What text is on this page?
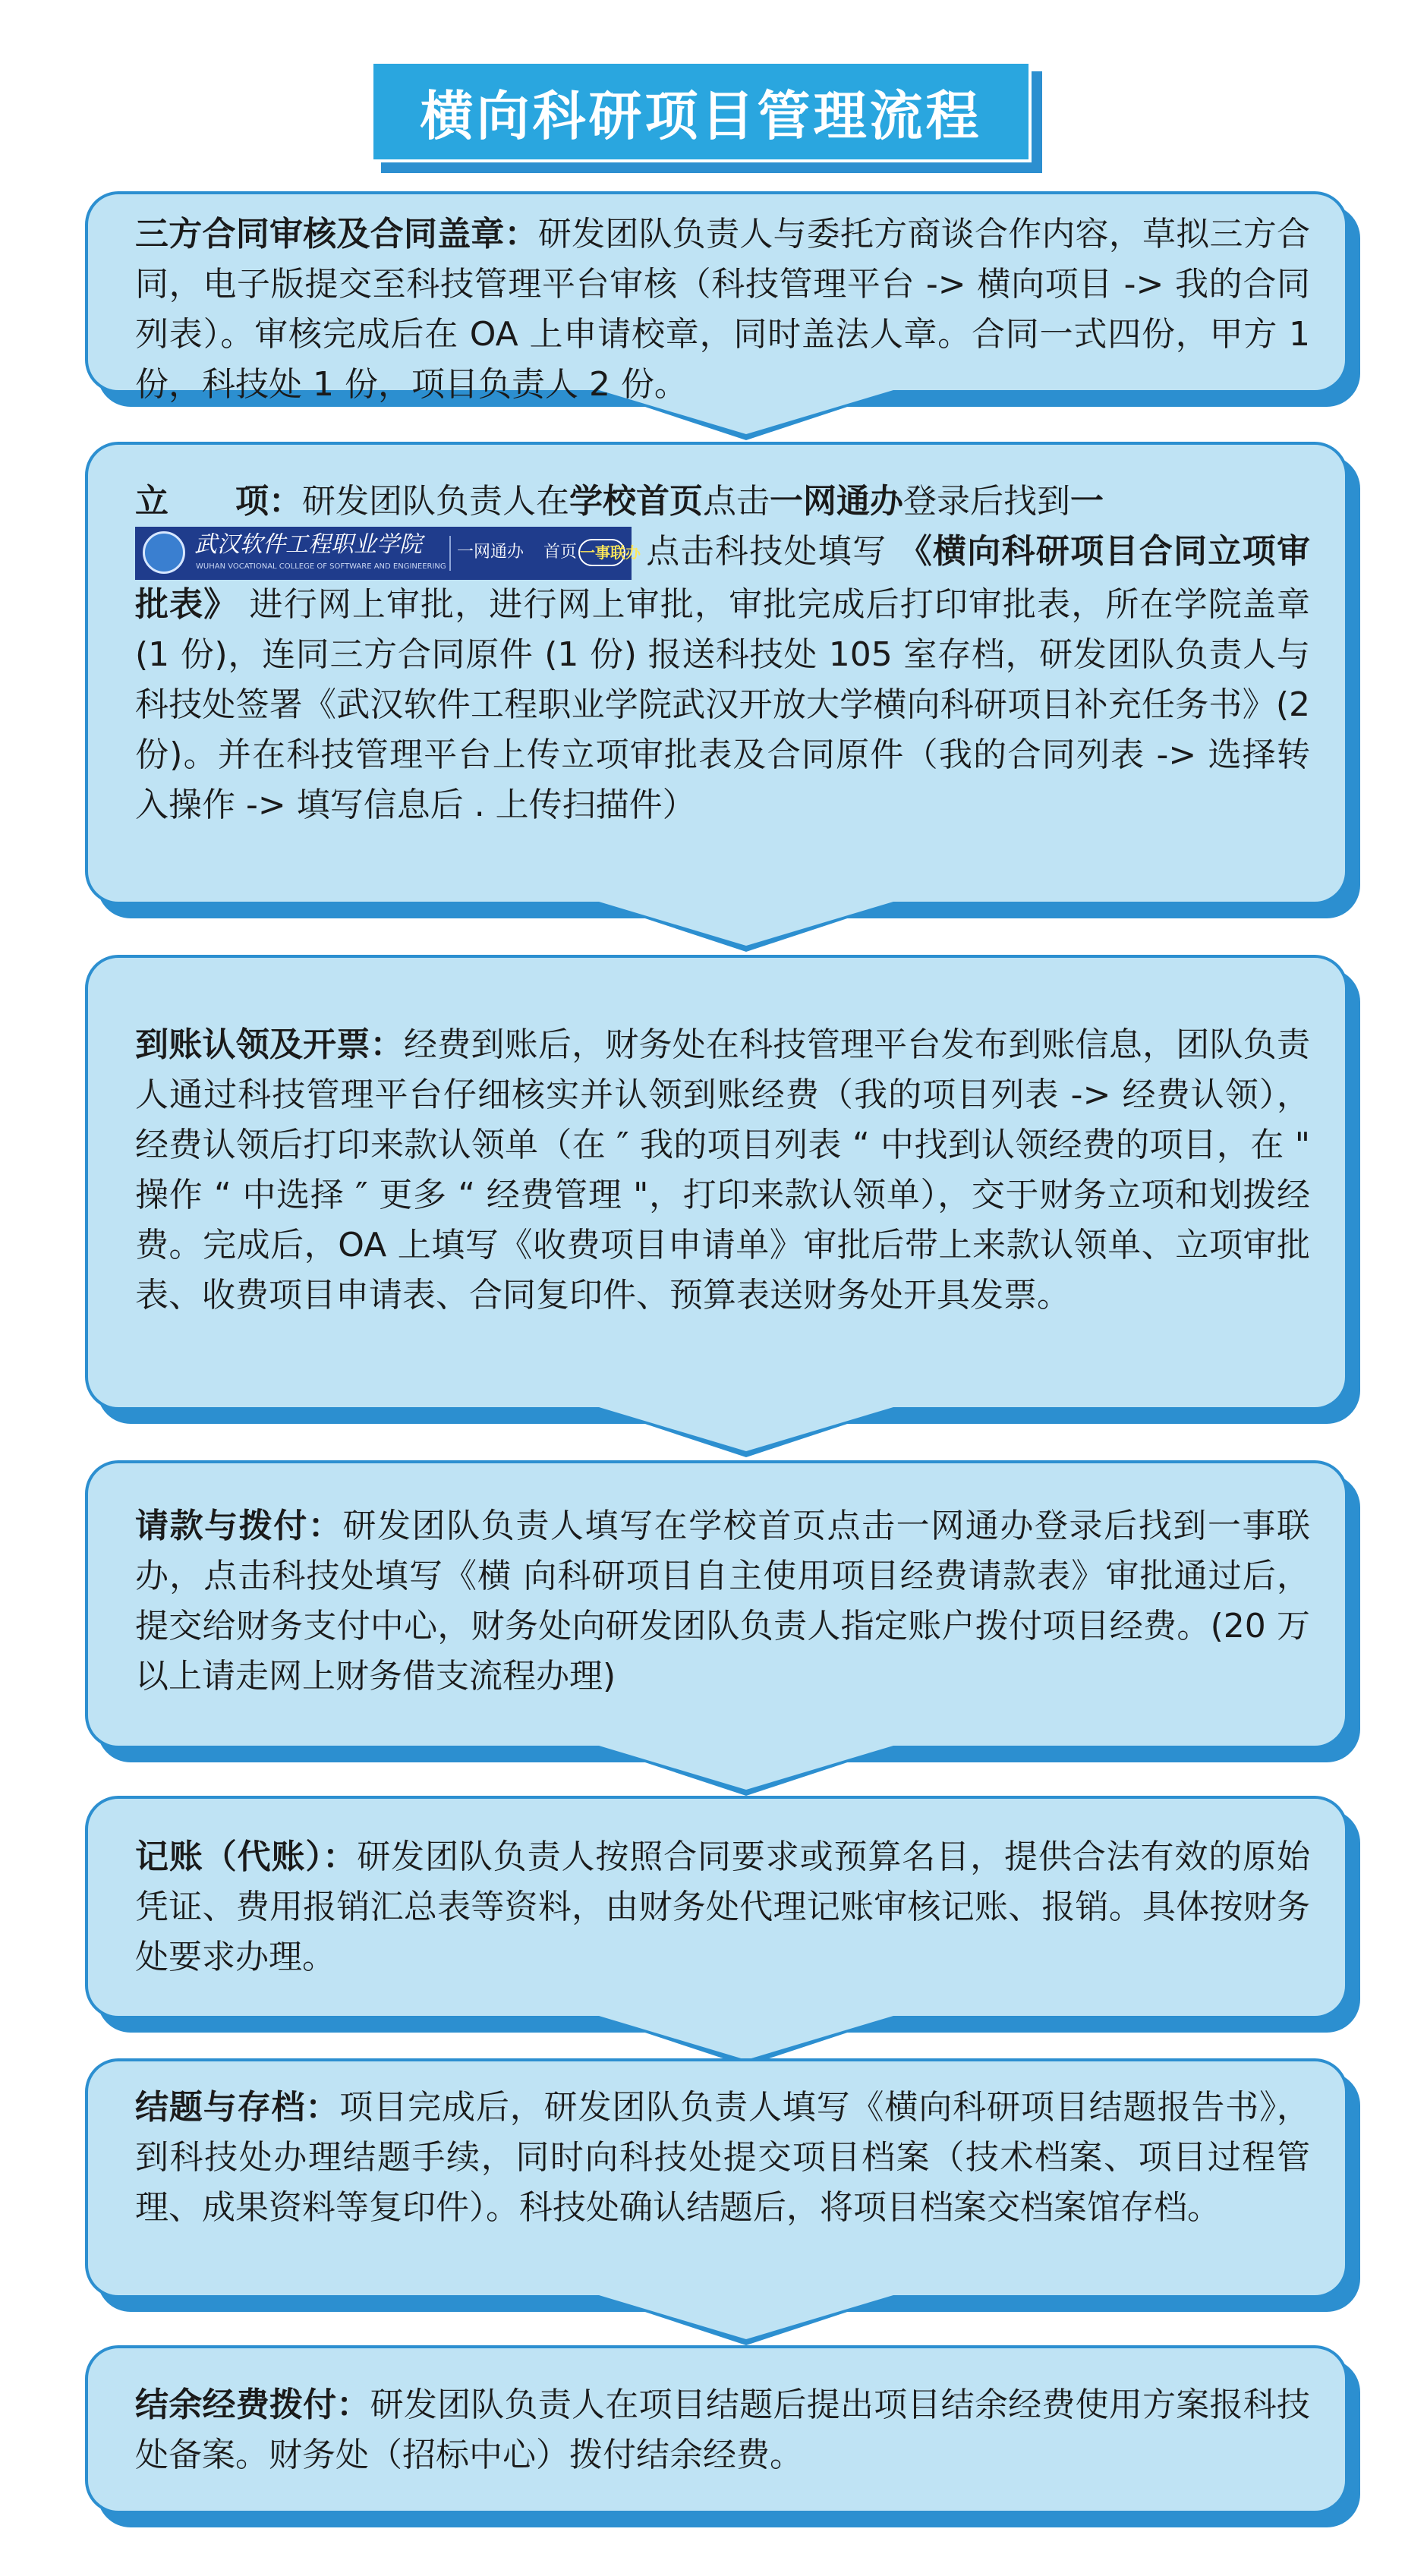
横向科研项目管理流程
三方合同审核及合同盖章：研发团队负责人与委托方商谈合作内容，草拟三方合同，电子版提交至科技管理平台审核（科技管理平台 -> 横向项目 -> 我的合同列表）。审核完成后在 OA 上申请校章，同时盖法人章。合同一式四份，甲方 1 份，科技处 1 份，项目负责人 2 份。
立　　项：研发团队负责人在学校首页点击一网通办登录后找到一

武汉软件工程职业学院
WUHAN VOCATIONAL COLLEGE OF SOFTWARE AND ENGINEERING
一网通办 首页 一事联办 点击科技处填写 《横向科研项目合同立项审批表》 进行网上审批，进行网上审批，审批完成后打印审批表，所在学院盖章 (1 份)，连同三方合同原件 (1 份) 报送科技处 105 室存档，研发团队负责人与科技处签署《武汉软件工程职业学院武汉开放大学横向科研项目补充任务书》(2 份)。并在科技管理平台上传立项审批表及合同原件（我的合同列表 -> 选择转入操作 -> 填写信息后 . 上传扫描件）
到账认领及开票：经费到账后，财务处在科技管理平台发布到账信息，团队负责人通过科技管理平台仔细核实并认领到账经费（我的项目列表 -> 经费认领），经费认领后打印来款认领单（在 ″ 我的项目列表 “ 中找到认领经费的项目，在 " 操作 “ 中选择 ″ 更多 “ 经费管理 "，打印来款认领单），交于财务立项和划拨经费。完成后，OA 上填写《收费项目申请单》审批后带上来款认领单、立项审批表、收费项目申请表、合同复印件、预算表送财务处开具发票。
请款与拨付：研发团队负责人填写在学校首页点击一网通办登录后找到一事联办，点击科技处填写《横 向科研项目自主使用项目经费请款表》审批通过后，提交给财务支付中心，财务处向研发团队负责人指定账户拨付项目经费。(20 万以上请走网上财务借支流程办理)
记账（代账）：研发团队负责人按照合同要求或预算名目，提供合法有效的原始凭证、费用报销汇总表等资料，由财务处代理记账审核记账、报销。具体按财务处要求办理。
结题与存档：项目完成后，研发团队负责人填写《横向科研项目结题报告书》，到科技处办理结题手续，同时向科技处提交项目档案（技术档案、项目过程管理、成果资料等复印件）。科技处确认结题后，将项目档案交档案馆存档。
结余经费拨付：研发团队负责人在项目结题后提出项目结余经费使用方案报科技处备案。财务处（招标中心）拨付结余经费。
